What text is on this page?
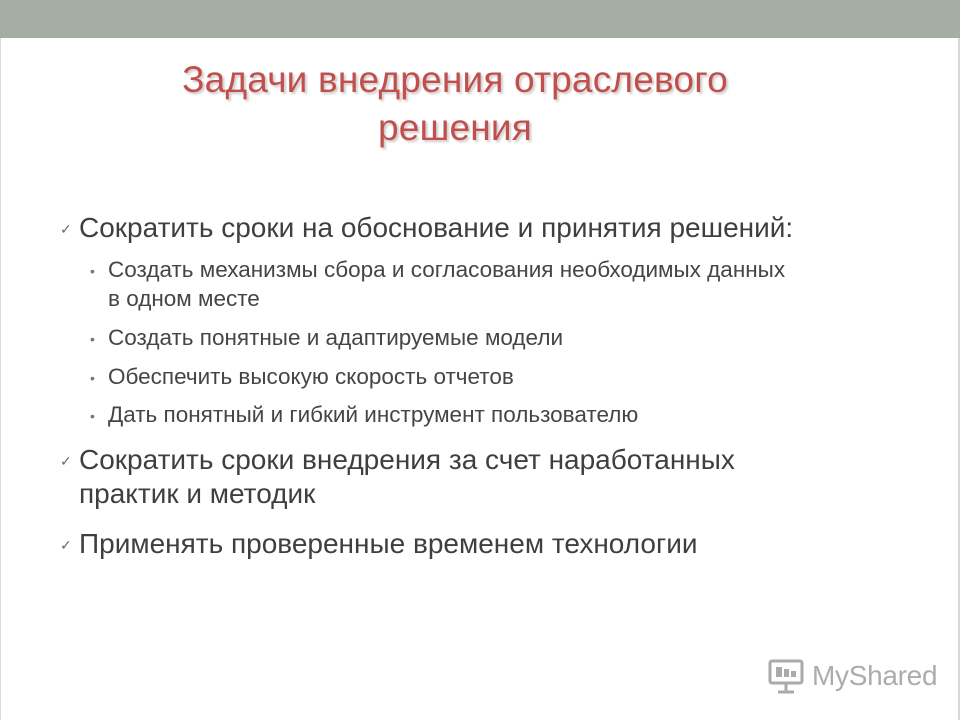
Задачи внедрения отраслевого
решения
✓ Сократить сроки на обоснование и принятия решений:
• Создать механизмы сбора и согласования необходимых данных
в одном месте
• Создать понятные и адаптируемые модели
• Обеспечить высокую скорость отчетов
• Дать понятный и гибкий инструмент пользователю
✓ Сократить сроки внедрения за счет наработанных
практик и методик
✓ Применять проверенные временем технологии
MyShared
